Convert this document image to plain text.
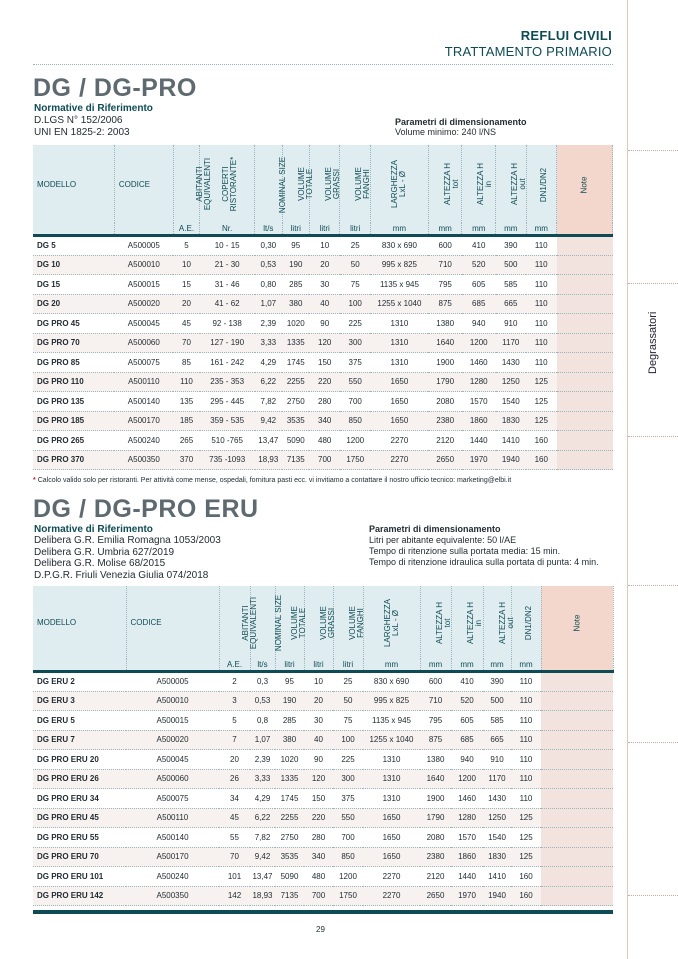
Degrassatori
REFLUI CIVILI
TRATTAMENTO PRIMARIO
DG / DG-PRO
Normative di Riferimento
D.LGS N° 152/2006
UNI EN 1825-2: 2003
Parametri di dimensionamento
Volume minimo: 240 l/NS
MODELLO	CODICE	ABITANTI EQUIVALENTI	COPERTI RISTORANTE*	NOMINAL SIZE	VOLUME TOTALE	VOLUME GRASSI	VOLUME FANGHI	LARGHEZZA LxL - Ø	ALTEZZA H tot	ALTEZZA H in	ALTEZZA H out	DN1/DN2	Note
		A.E.	Nr.	lt/s	litri	litri	litri	mm	mm	mm	mm	mm	
DG 5	A500005	5	10 - 15	0,30	95	10	25	830 x 690	600	410	390	110	
DG 10	A500010	10	21 - 30	0,53	190	20	50	995 x 825	710	520	500	110	
DG 15	A500015	15	31 - 46	0,80	285	30	75	1135 x 945	795	605	585	110	
DG 20	A500020	20	41 - 62	1,07	380	40	100	1255 x 1040	875	685	665	110	
DG PRO 45	A500045	45	92 - 138	2,39	1020	90	225	1310	1380	940	910	110	
DG PRO 70	A500060	70	127 - 190	3,33	1335	120	300	1310	1640	1200	1170	110	
DG PRO 85	A500075	85	161 - 242	4,29	1745	150	375	1310	1900	1460	1430	110	
DG PRO 110	A500110	110	235 - 353	6,22	2255	220	550	1650	1790	1280	1250	125	
DG PRO 135	A500140	135	295 - 445	7,82	2750	280	700	1650	2080	1570	1540	125	
DG PRO 185	A500170	185	359 - 535	9,42	3535	340	850	1650	2380	1860	1830	125	
DG PRO 265	A500240	265	510 -765	13,47	5090	480	1200	2270	2120	1440	1410	160	
DG PRO 370	A500350	370	735 -1093	18,93	7135	700	1750	2270	2650	1970	1940	160	
* Calcolo valido solo per ristoranti. Per attività come mense, ospedali, fornitura pasti ecc. vi invitiamo a contattare il nostro ufficio tecnico: marketing@elbi.it
DG / DG-PRO ERU
Normative di Riferimento
Delibera G.R. Emilia Romagna 1053/2003
Delibera G.R. Umbria 627/2019
Delibera G.R. Molise 68/2015
D.P.G.R. Friuli Venezia Giulia 074/2018
Parametri di dimensionamento
Litri per abitante equivalente: 50 l/AE
Tempo di ritenzione sulla portata media: 15 min.
Tempo di ritenzione idraulica sulla portata di punta: 4 min.
MODELLO	CODICE	ABITANTI EQUIVALENTI	NOMINAL SIZE	VOLUME TOTALE	VOLUME GRASSI	VOLUME FANGHI	LARGHEZZA LxL - Ø	ALTEZZA H tot	ALTEZZA H in	ALTEZZA H out	DN1/DN2	Note
		A.E.	lt/s	litri	litri	litri	mm	mm	mm	mm	mm	
DG ERU 2	A500005	2	0,3	95	10	25	830 x 690	600	410	390	110	
DG ERU 3	A500010	3	0,53	190	20	50	995 x 825	710	520	500	110	
DG ERU 5	A500015	5	0,8	285	30	75	1135 x 945	795	605	585	110	
DG ERU 7	A500020	7	1,07	380	40	100	1255 x 1040	875	685	665	110	
DG PRO ERU 20	A500045	20	2,39	1020	90	225	1310	1380	940	910	110	
DG PRO ERU 26	A500060	26	3,33	1335	120	300	1310	1640	1200	1170	110	
DG PRO ERU 34	A500075	34	4,29	1745	150	375	1310	1900	1460	1430	110	
DG PRO ERU 45	A500110	45	6,22	2255	220	550	1650	1790	1280	1250	125	
DG PRO ERU 55	A500140	55	7,82	2750	280	700	1650	2080	1570	1540	125	
DG PRO ERU 70	A500170	70	9,42	3535	340	850	1650	2380	1860	1830	125	
DG PRO ERU 101	A500240	101	13,47	5090	480	1200	2270	2120	1440	1410	160	
DG PRO ERU 142	A500350	142	18,93	7135	700	1750	2270	2650	1970	1940	160	
29
